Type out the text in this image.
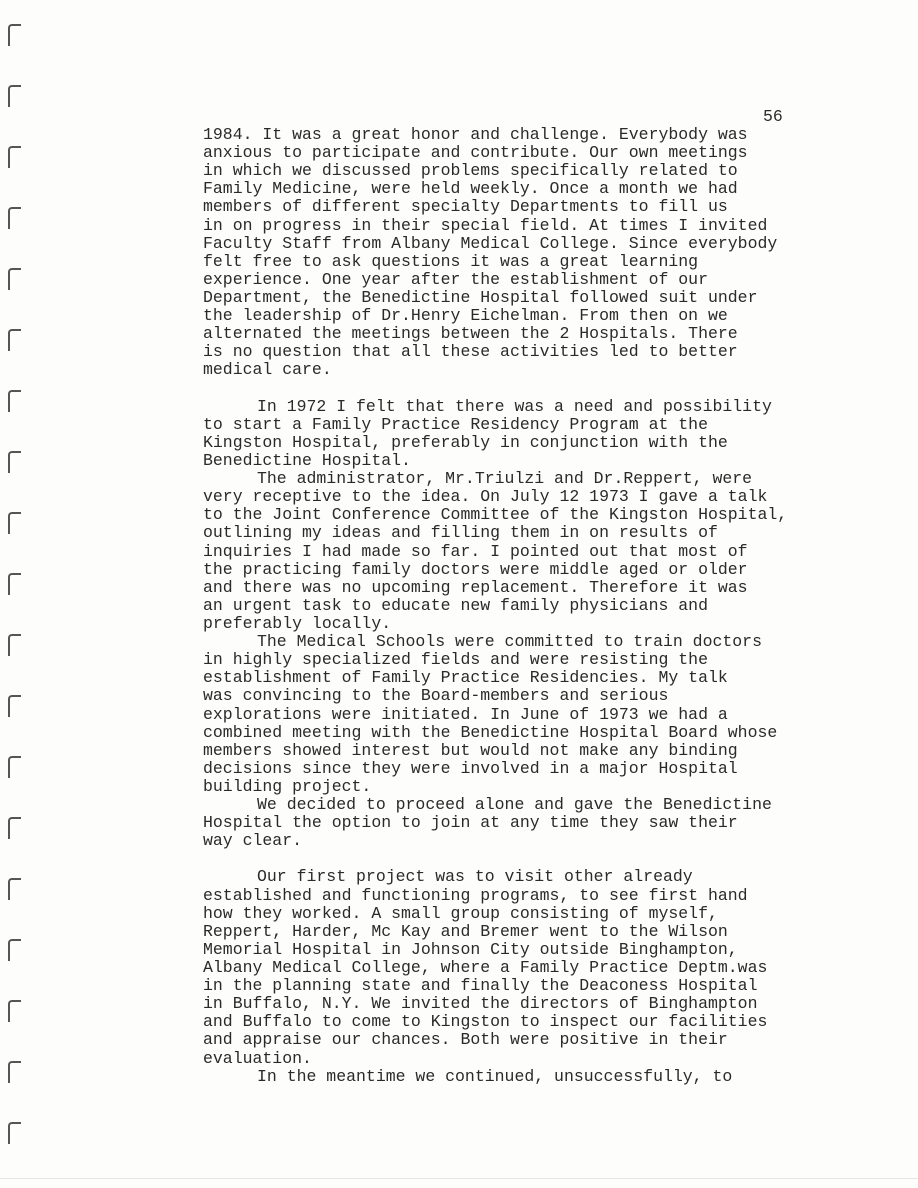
56

1984. It was a great honor and challenge. Everybody was
anxious to participate and contribute. Our own meetings
in which we discussed problems specifically related to
Family Medicine, were held weekly. Once a month we had
members of different specialty Departments to fill us
in on progress in their special field. At times I invited
Faculty Staff from Albany Medical College. Since everybody
felt free to ask questions it was a great learning
experience. One year after the establishment of our
Department, the Benedictine Hospital followed suit under
the leadership of Dr.Henry Eichelman. From then on we
alternated the meetings between the 2 Hospitals. There
is no question that all these activities led to better
medical care.
In 1972 I felt that there was a need and possibility
to start a Family Practice Residency Program at the
Kingston Hospital, preferably in conjunction with the
Benedictine Hospital.
The administrator, Mr.Triulzi and Dr.Reppert, were
very receptive to the idea. On July 12 1973 I gave a talk
to the Joint Conference Committee of the Kingston Hospital,
outlining my ideas and filling them in on results of
inquiries I had made so far. I pointed out that most of
the practicing family doctors were middle aged or older
and there was no upcoming replacement. Therefore it was
an urgent task to educate new family physicians and
preferably locally.
The Medical Schools were committed to train doctors
in highly specialized fields and were resisting the
establishment of Family Practice Residencies. My talk
was convincing to the Board-members and serious
explorations were initiated. In June of 1973 we had a
combined meeting with the Benedictine Hospital Board whose
members showed interest but would not make any binding
decisions since they were involved in a major Hospital
building project.
We decided to proceed alone and gave the Benedictine
Hospital the option to join at any time they saw their
way clear.
Our first project was to visit other already
established and functioning programs, to see first hand
how they worked. A small group consisting of myself,
Reppert, Harder, Mc Kay and Bremer went to the Wilson
Memorial Hospital in Johnson City outside Binghampton,
Albany Medical College, where a Family Practice Deptm.was
in the planning state and finally the Deaconess Hospital
in Buffalo, N.Y. We invited the directors of Binghampton
and Buffalo to come to Kingston to inspect our facilities
and appraise our chances. Both were positive in their
evaluation.
In the meantime we continued, unsuccessfully, to
